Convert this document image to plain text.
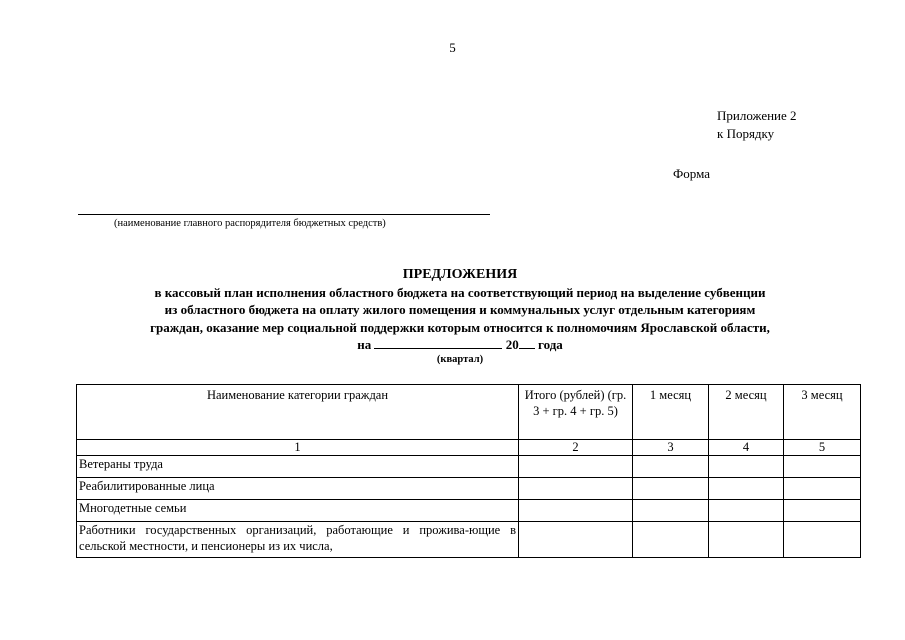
5
Приложение 2
к Порядку
Форма
(наименование главного распорядителя бюджетных средств)
ПРЕДЛОЖЕНИЯ
в кассовый план исполнения областного бюджета на соответствующий период на выделение субвенции
из областного бюджета на оплату жилого помещения и коммунальных услуг отдельным категориям
граждан, оказание мер социальной поддержки которым относится к полномочиям Ярославской области,
на	20 года
(квартал)
Наименование категории граждан	Итого (рублей) (гр. 3 + гр. 4 + гр. 5)	1 месяц	2 месяц	3 месяц
1	2	3	4	5
Ветераны труда				
Реабилитированные лица				
Многодетные семьи				
Работники государственных организаций, работающие и прожива-ющие в сельской местности, и пенсионеры из их числа,				
